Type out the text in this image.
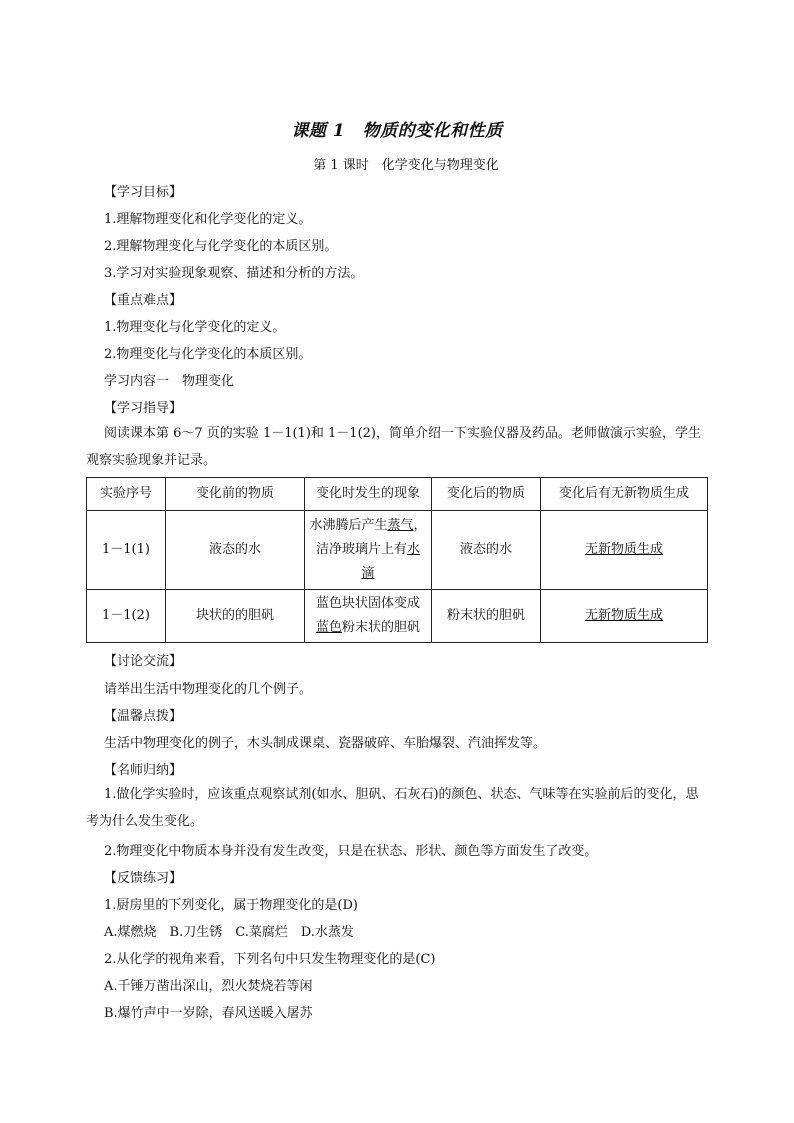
课题 1　物质的变化和性质
第 1 课时　化学变化与物理变化
【学习目标】
1.理解物理变化和化学变化的定义。
2.理解物理变化与化学变化的本质区别。
3.学习对实验现象观察、描述和分析的方法。
【重点难点】
1.物理变化与化学变化的定义。
2.物理变化与化学变化的本质区别。
学习内容一　物理变化
【学习指导】
阅读课本第 6～7 页的实验 1－1(1)和 1－1(2)，简单介绍一下实验仪器及药品。老师做演示实验，学生观察实验现象并记录。
实验序号	变化前的物质	变化时发生的现象	变化后的物质	变化后有无新物质生成
1－1(1)	液态的水	水沸腾后产生蒸气，
洁净玻璃片上有水
滴	液态的水	无新物质生成
1－1(2)	块状的的胆矾	蓝色块状固体变成
蓝色粉末状的胆矾	粉末状的胆矾	无新物质生成
【讨论交流】
请举出生活中物理变化的几个例子。
【温馨点拨】
生活中物理变化的例子，木头制成课桌、瓷器破碎、车胎爆裂、汽油挥发等。
【名师归纳】
1.做化学实验时，应该重点观察试剂(如水、胆矾、石灰石)的颜色、状态、气味等在实验前后的变化，思考为什么发生变化。
2.物理变化中物质本身并没有发生改变，只是在状态、形状、颜色等方面发生了改变。
【反馈练习】
1.厨房里的下列变化，属于物理变化的是(D)
A.煤燃烧　B.刀生锈　C.菜腐烂　D.水蒸发
2.从化学的视角来看，下列名句中只发生物理变化的是(C)
A.千锤万凿出深山，烈火焚烧若等闲
B.爆竹声中一岁除，春风送暖入屠苏
